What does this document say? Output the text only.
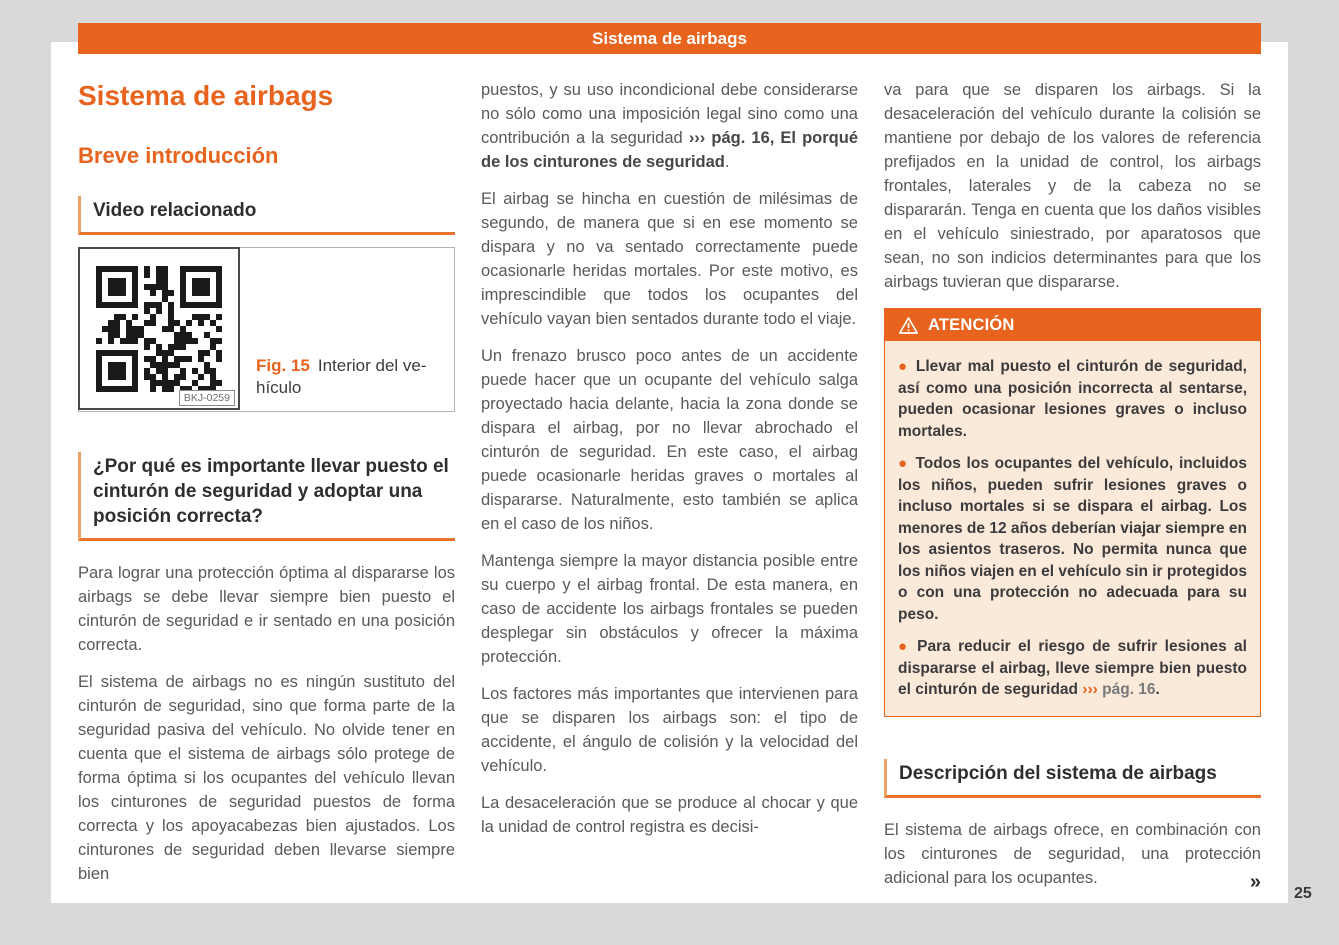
Sistema de airbags
Sistema de airbags
Breve introducción
Video relacionado
BKJ-0259
Fig. 15 Interior del vehículo
¿Por qué es importante llevar puesto el cinturón de seguridad y adoptar una posición correcta?

Para lograr una protección óptima al dispararse los airbags se debe llevar siempre bien puesto el cinturón de seguridad e ir sentado en una posición correcta.

El sistema de airbags no es ningún sustituto del cinturón de seguridad, sino que forma parte de la seguridad pasiva del vehículo. No olvide tener en cuenta que el sistema de airbags sólo protege de forma óptima si los ocupantes del vehículo llevan los cinturones de seguridad puestos de forma correcta y los apoyacabezas bien ajustados. Los cinturones de seguridad deben llevarse siempre bien

puestos, y su uso incondicional debe considerarse no sólo como una imposición legal sino como una contribución a la seguridad ››› pág. 16, El porqué de los cinturones de seguridad.

El airbag se hincha en cuestión de milésimas de segundo, de manera que si en ese momento se dispara y no va sentado correctamente puede ocasionarle heridas mortales. Por este motivo, es imprescindible que todos los ocupantes del vehículo vayan bien sentados durante todo el viaje.

Un frenazo brusco poco antes de un accidente puede hacer que un ocupante del vehículo salga proyectado hacia delante, hacia la zona donde se dispara el airbag, por no llevar abrochado el cinturón de seguridad. En este caso, el airbag puede ocasionarle heridas graves o mortales al dispararse. Naturalmente, esto también se aplica en el caso de los niños.

Mantenga siempre la mayor distancia posible entre su cuerpo y el airbag frontal. De esta manera, en caso de accidente los airbags frontales se pueden desplegar sin obstáculos y ofrecer la máxima protección.

Los factores más importantes que intervienen para que se disparen los airbags son: el tipo de accidente, el ángulo de colisión y la velocidad del vehículo.

La desaceleración que se produce al chocar y que la unidad de control registra es decisi-

va para que se disparen los airbags. Si la desaceleración del vehículo durante la colisión se mantiene por debajo de los valores de referencia prefijados en la unidad de control, los airbags frontales, laterales y de la cabeza no se dispararán. Tenga en cuenta que los daños visibles en el vehículo siniestrado, por aparatosos que sean, no son indicios determinantes para que los airbags tuvieran que dispararse.

ATENCIÓN

● Llevar mal puesto el cinturón de seguridad, así como una posición incorrecta al sentarse, pueden ocasionar lesiones graves o incluso mortales.

● Todos los ocupantes del vehículo, incluidos los niños, pueden sufrir lesiones graves o incluso mortales si se dispara el airbag. Los menores de 12 años deberían viajar siempre en los asientos traseros. No permita nunca que los niños viajen en el vehículo sin ir protegidos o con una protección no adecuada para su peso.

● Para reducir el riesgo de sufrir lesiones al dispararse el airbag, lleve siempre bien puesto el cinturón de seguridad ››› pág. 16.

Descripción del sistema de airbags

El sistema de airbags ofrece, en combinación con los cinturones de seguridad, una protección adicional para los ocupantes.	»

25
